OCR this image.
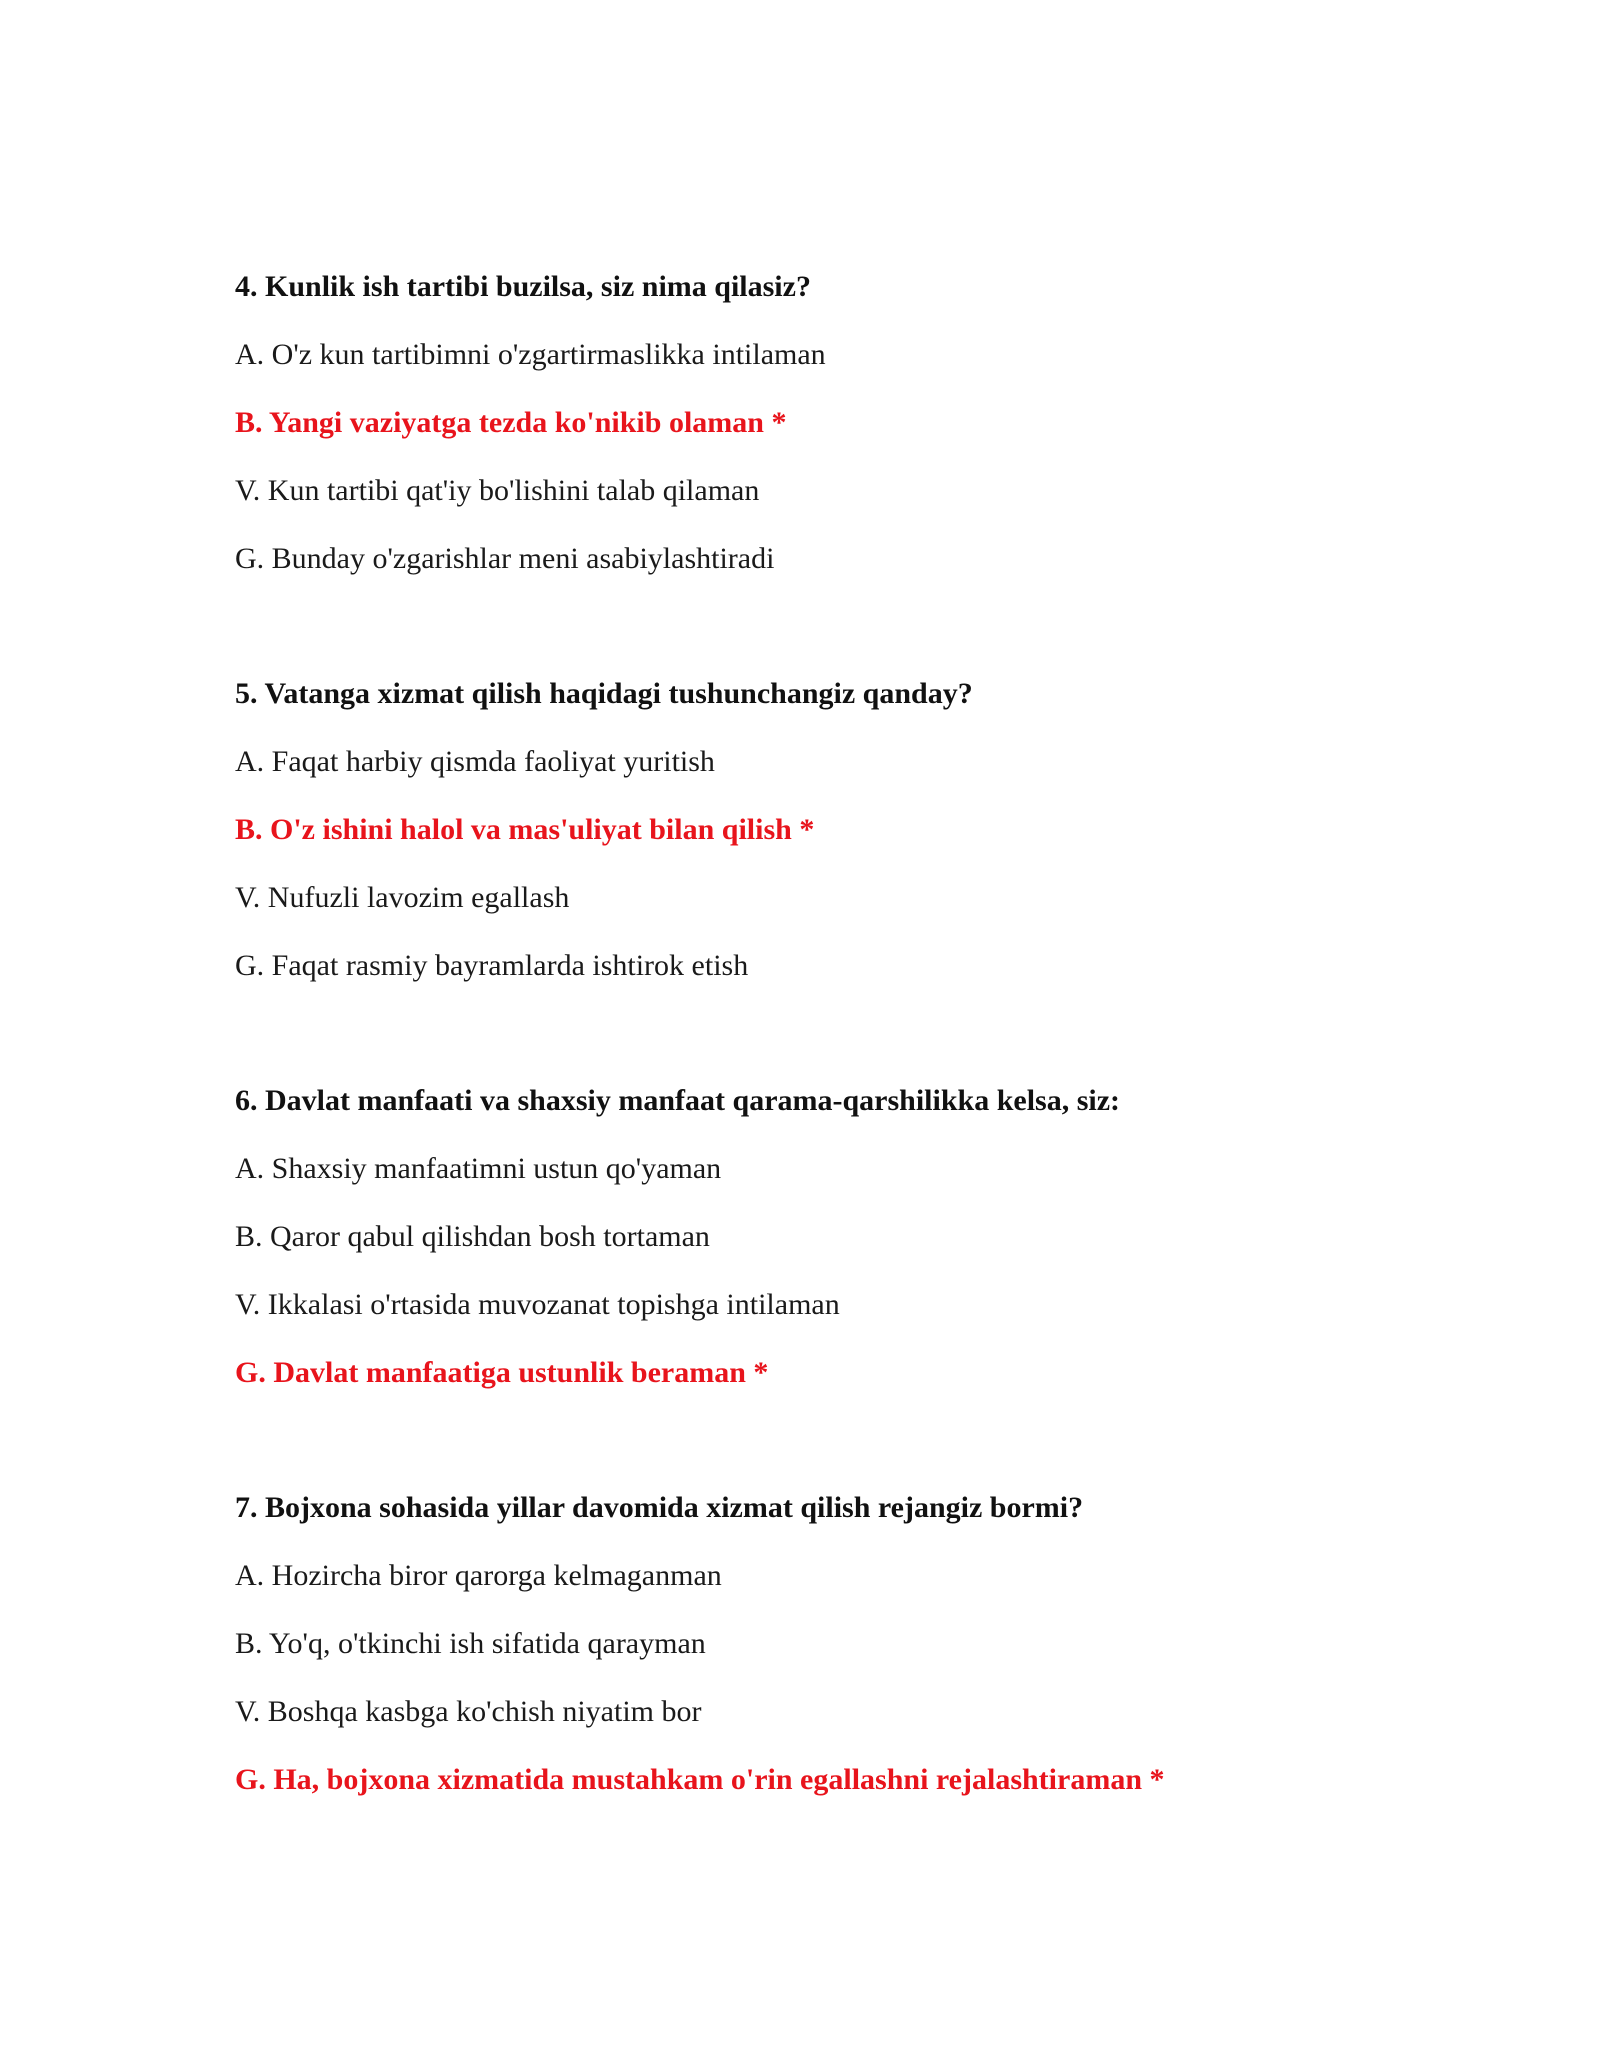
4. Kunlik ish tartibi buzilsa, siz nima qilasiz?
A. O'z kun tartibimni o'zgartirmaslikka intilaman
B. Yangi vaziyatga tezda ko'nikib olaman *
V. Kun tartibi qat'iy bo'lishini talab qilaman
G. Bunday o'zgarishlar meni asabiylashtiradi
5. Vatanga xizmat qilish haqidagi tushunchangiz qanday?
A. Faqat harbiy qismda faoliyat yuritish
B. O'z ishini halol va mas'uliyat bilan qilish *
V. Nufuzli lavozim egallash
G. Faqat rasmiy bayramlarda ishtirok etish
6. Davlat manfaati va shaxsiy manfaat qarama-qarshilikka kelsa, siz:
A. Shaxsiy manfaatimni ustun qo'yaman
B. Qaror qabul qilishdan bosh tortaman
V. Ikkalasi o'rtasida muvozanat topishga intilaman
G. Davlat manfaatiga ustunlik beraman *
7. Bojxona sohasida yillar davomida xizmat qilish rejangiz bormi?
A. Hozircha biror qarorga kelmaganman
B. Yo'q, o'tkinchi ish sifatida qarayman
V. Boshqa kasbga ko'chish niyatim bor
G. Ha, bojxona xizmatida mustahkam o'rin egallashni rejalashtiraman *
